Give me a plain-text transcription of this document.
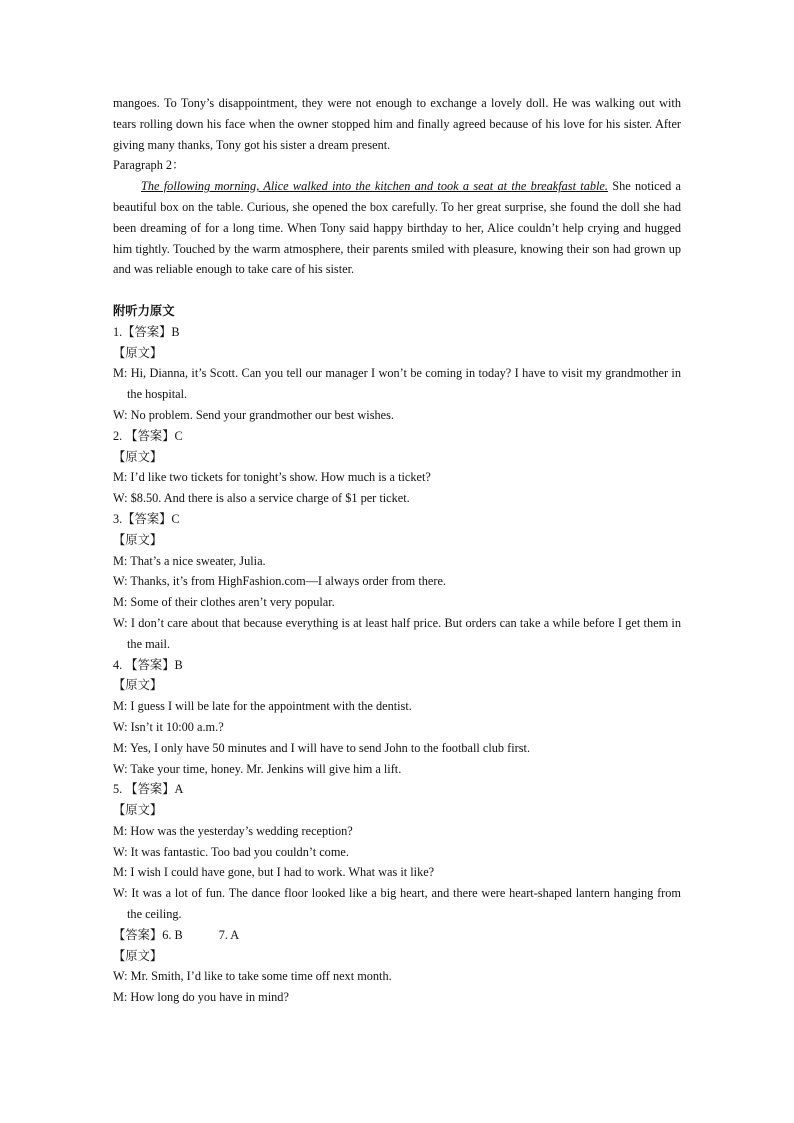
mangoes. To Tony’s disappointment, they were not enough to exchange a lovely doll. He was walking out with tears rolling down his face when the owner stopped him and finally agreed because of his love for his sister. After giving many thanks, Tony got his sister a dream present.

Paragraph 2：

The following morning, Alice walked into the kitchen and took a seat at the breakfast table. She noticed a beautiful box on the table. Curious, she opened the box carefully. To her great surprise, she found the doll she had been dreaming of for a long time. When Tony said happy birthday to her, Alice couldn’t help crying and hugged him tightly. Touched by the warm atmosphere, their parents smiled with pleasure, knowing their son had grown up and was reliable enough to take care of his sister.

附听力原文

1.【答案】B

【原文】

M: Hi, Dianna, it’s Scott. Can you tell our manager I won’t be coming in today? I have to visit my grandmother in the hospital.

W: No problem. Send your grandmother our best wishes.

2. 【答案】C

【原文】

M: I’d like two tickets for tonight’s show. How much is a ticket?

W: $8.50. And there is also a service charge of $1 per ticket.

3.【答案】C

【原文】

M: That’s a nice sweater, Julia.

W: Thanks, it’s from HighFashion.com—I always order from there.

M: Some of their clothes aren’t very popular.

W: I don’t care about that because everything is at least half price. But orders can take a while before I get them in the mail.

4. 【答案】B

【原文】

M: I guess I will be late for the appointment with the dentist.

W: Isn’t it 10:00 a.m.?

M: Yes, I only have 50 minutes and I will have to send John to the football club first.

W: Take your time, honey. Mr. Jenkins will give him a lift.

5. 【答案】A

【原文】

M: How was the yesterday’s wedding reception?

W: It was fantastic. Too bad you couldn’t come.

M: I wish I could have gone, but I had to work. What was it like?

W: It was a lot of fun. The dance floor looked like a big heart, and there were heart-shaped lantern hanging from the ceiling.

【答案】6. B	7. A

【原文】

W: Mr. Smith, I’d like to take some time off next month.

M: How long do you have in mind?
